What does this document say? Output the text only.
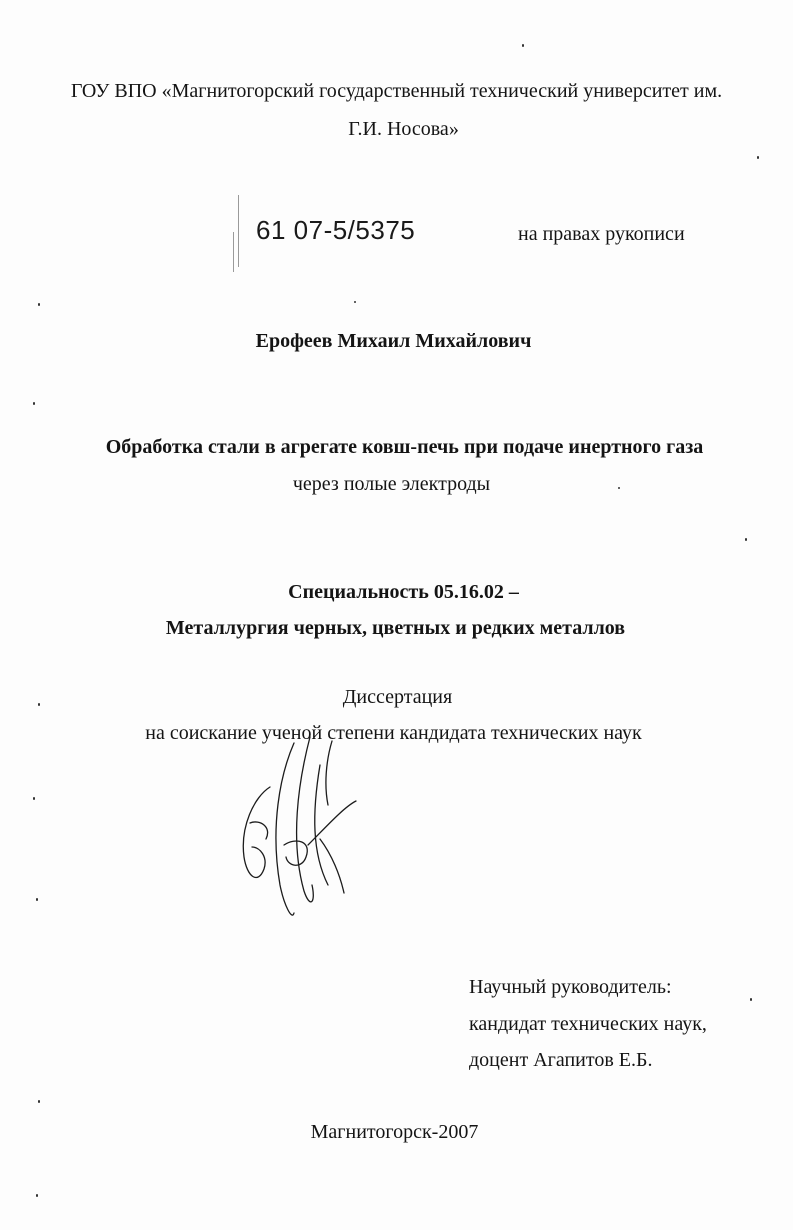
ГОУ ВПО «Магнитогорский государственный технический университет им.
Г.И. Носова»
61 07-5/5375	на правах рукописи
Ерофеев Михаил Михайлович
Обработка стали в агрегате ковш-печь при подаче инертного газа
через полые электроды
Специальность 05.16.02 –
Металлургия черных, цветных и редких металлов
Диссертация
на соискание ученой степени кандидата технических наук
Научный руководитель:
кандидат технических наук,
доцент Агапитов Е.Б.
Магнитогорск-2007
